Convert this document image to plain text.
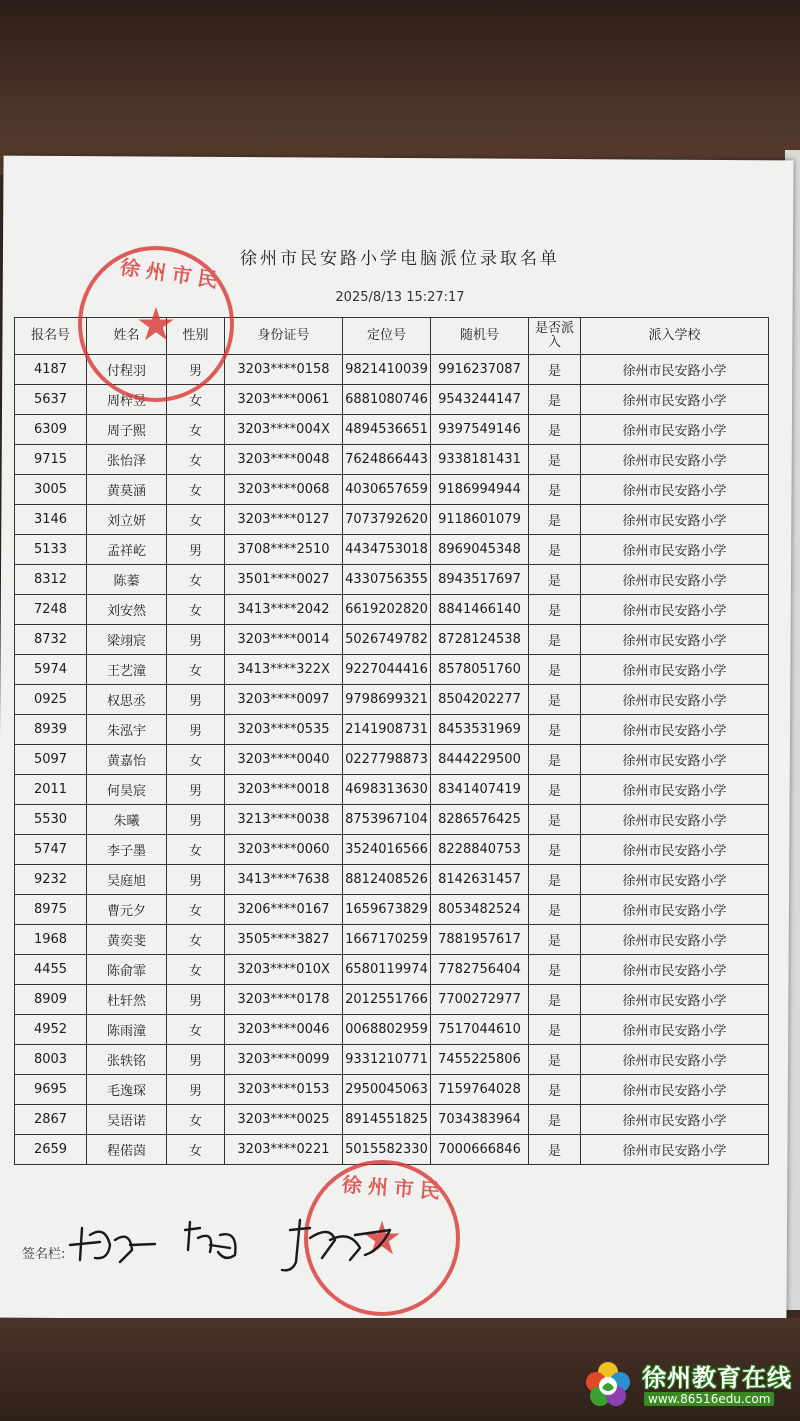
徐州市民安路小学电脑派位录取名单
2025/8/13 15:27:17
报名号	姓名	性别	身份证号	定位号	随机号	是否派入	派入学校
4187	付程羽	男	3203****0158	9821410039	9916237087	是	徐州市民安路小学
5637	周梓昱	女	3203****0061	6881080746	9543244147	是	徐州市民安路小学
6309	周子熙	女	3203****004X	4894536651	9397549146	是	徐州市民安路小学
9715	张怡泽	女	3203****0048	7624866443	9338181431	是	徐州市民安路小学
3005	黄莫涵	女	3203****0068	4030657659	9186994944	是	徐州市民安路小学
3146	刘立妍	女	3203****0127	7073792620	9118601079	是	徐州市民安路小学
5133	孟祥屹	男	3708****2510	4434753018	8969045348	是	徐州市民安路小学
8312	陈蓁	女	3501****0027	4330756355	8943517697	是	徐州市民安路小学
7248	刘安然	女	3413****2042	6619202820	8841466140	是	徐州市民安路小学
8732	梁翊宸	男	3203****0014	5026749782	8728124538	是	徐州市民安路小学
5974	王艺潼	女	3413****322X	9227044416	8578051760	是	徐州市民安路小学
0925	权思丞	男	3203****0097	9798699321	8504202277	是	徐州市民安路小学
8939	朱泓宇	男	3203****0535	2141908731	8453531969	是	徐州市民安路小学
5097	黄嘉怡	女	3203****0040	0227798873	8444229500	是	徐州市民安路小学
2011	何昊宸	男	3203****0018	4698313630	8341407419	是	徐州市民安路小学
5530	朱曦	男	3213****0038	8753967104	8286576425	是	徐州市民安路小学
5747	李子墨	女	3203****0060	3524016566	8228840753	是	徐州市民安路小学
9232	吴庭旭	男	3413****7638	8812408526	8142631457	是	徐州市民安路小学
8975	曹元夕	女	3206****0167	1659673829	8053482524	是	徐州市民安路小学
1968	黄奕斐	女	3505****3827	1667170259	7881957617	是	徐州市民安路小学
4455	陈俞霏	女	3203****010X	6580119974	7782756404	是	徐州市民安路小学
8909	杜轩然	男	3203****0178	2012551766	7700272977	是	徐州市民安路小学
4952	陈雨潼	女	3203****0046	0068802959	7517044610	是	徐州市民安路小学
8003	张轶铭	男	3203****0099	9331210771	7455225806	是	徐州市民安路小学
9695	毛逸琛	男	3203****0153	2950045063	7159764028	是	徐州市民安路小学
2867	吴语诺	女	3203****0025	8914551825	7034383964	是	徐州市民安路小学
2659	程偌茵	女	3203****0221	5015582330	7000666846	是	徐州市民安路小学
徐州市民
★
徐州市民
★
签名栏:
徐州教育在线
www.86516edu.com
